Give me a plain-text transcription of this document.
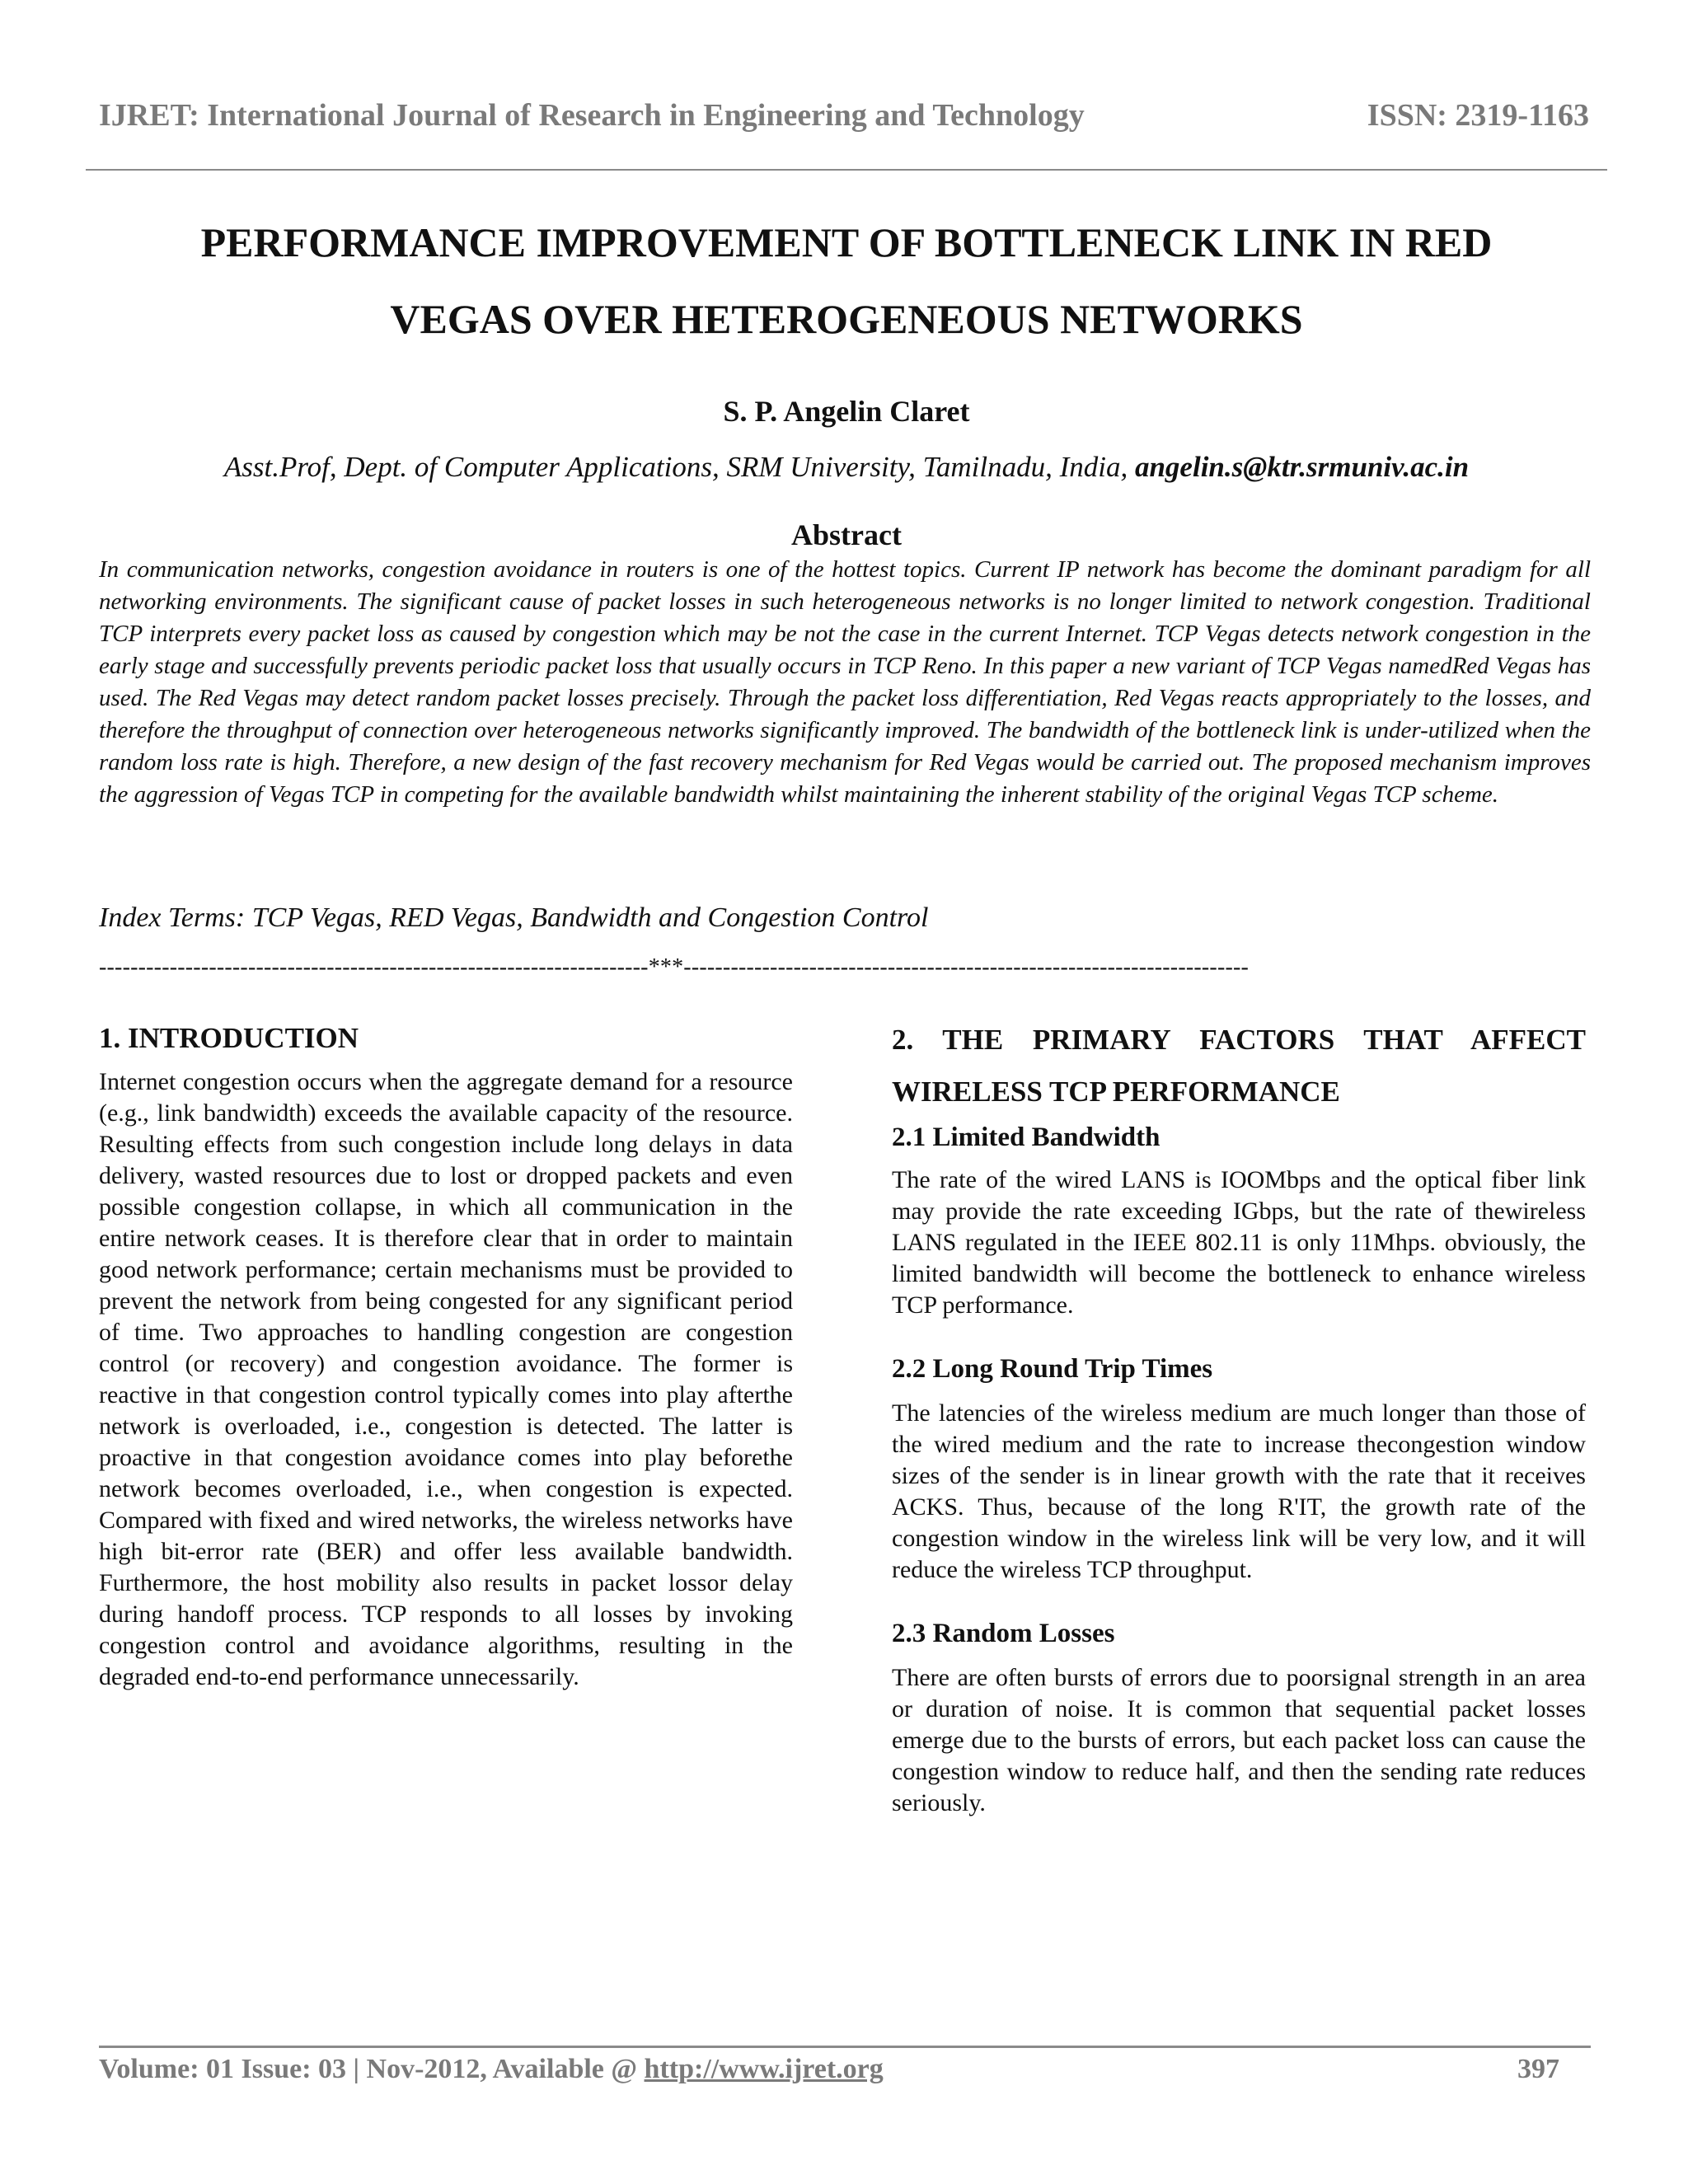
IJRET: International Journal of Research in Engineering and Technology	ISSN: 2319-1163
PERFORMANCE IMPROVEMENT OF BOTTLENECK LINK IN RED
VEGAS OVER HETEROGENEOUS NETWORKS
S. P. Angelin Claret
Asst.Prof, Dept. of Computer Applications, SRM University, Tamilnadu, India, angelin.s@ktr.srmuniv.ac.in
Abstract
In communication networks, congestion avoidance in routers is one of the hottest topics. Current IP network has become the dominant paradigm for all networking environments. The significant cause of packet losses in such heterogeneous networks is no longer limited to network congestion. Traditional TCP interprets every packet loss as caused by congestion which may be not the case in the current Internet. TCP Vegas detects network congestion in the early stage and successfully prevents periodic packet loss that usually occurs in TCP Reno. In this paper a new variant of TCP Vegas namedRed Vegas has used. The Red Vegas may detect random packet losses precisely. Through the packet loss differentiation, Red Vegas reacts appropriately to the losses, and therefore the throughput of connection over heterogeneous networks significantly improved. The bandwidth of the bottleneck link is under-utilized when the random loss rate is high. Therefore, a new design of the fast recovery mechanism for Red Vegas would be carried out. The proposed mechanism improves the aggression of Vegas TCP in competing for the available bandwidth whilst maintaining the inherent stability of the original Vegas TCP scheme.
Index Terms: TCP Vegas, RED Vegas, Bandwidth and Congestion Control
----------------------------------------------------------------------***------------------------------------------------------------------------
1. INTRODUCTION

Internet congestion occurs when the aggregate demand for a resource (e.g., link bandwidth) exceeds the available capacity of the resource. Resulting effects from such congestion include long delays in data delivery, wasted resources due to lost or dropped packets and even possible congestion collapse, in which all communication in the entire network ceases. It is therefore clear that in order to maintain good network performance; certain mechanisms must be provided to prevent the network from being congested for any significant period of time. Two approaches to handling congestion are congestion control (or recovery) and congestion avoidance. The former is reactive in that congestion control typically comes into play afterthe network is overloaded, i.e., congestion is detected. The latter is proactive in that congestion avoidance comes into play beforethe network becomes overloaded, i.e., when congestion is expected. Compared with fixed and wired networks, the wireless networks have high bit-error rate (BER) and offer less available bandwidth. Furthermore, the host mobility also results in packet lossor delay during handoff process. TCP responds to all losses by invoking congestion control and avoidance algorithms, resulting in the degraded end-to-end performance unnecessarily.

2. THE PRIMARY FACTORS THAT AFFECT WIRELESS TCP PERFORMANCE
2.1 Limited Bandwidth

The rate of the wired LANS is IOOMbps and the optical fiber link may provide the rate exceeding IGbps, but the rate of thewireless LANS regulated in the IEEE 802.11 is only 11Mhps. obviously, the limited bandwidth will become the bottleneck to enhance wireless TCP performance.

2.2 Long Round Trip Times

The latencies of the wireless medium are much longer than those of the wired medium and the rate to increase thecongestion window sizes of the sender is in linear growth with the rate that it receives ACKS. Thus, because of the long R'IT, the growth rate of the congestion window in the wireless link will be very low, and it will reduce the wireless TCP throughput.

2.3 Random Losses

There are often bursts of errors due to poorsignal strength in an area or duration of noise. It is common that sequential packet losses emerge due to the bursts of errors, but each packet loss can cause the congestion window to reduce half, and then the sending rate reduces seriously.

Volume: 01 Issue: 03 | Nov-2012, Available @ http://www.ijret.org	397
